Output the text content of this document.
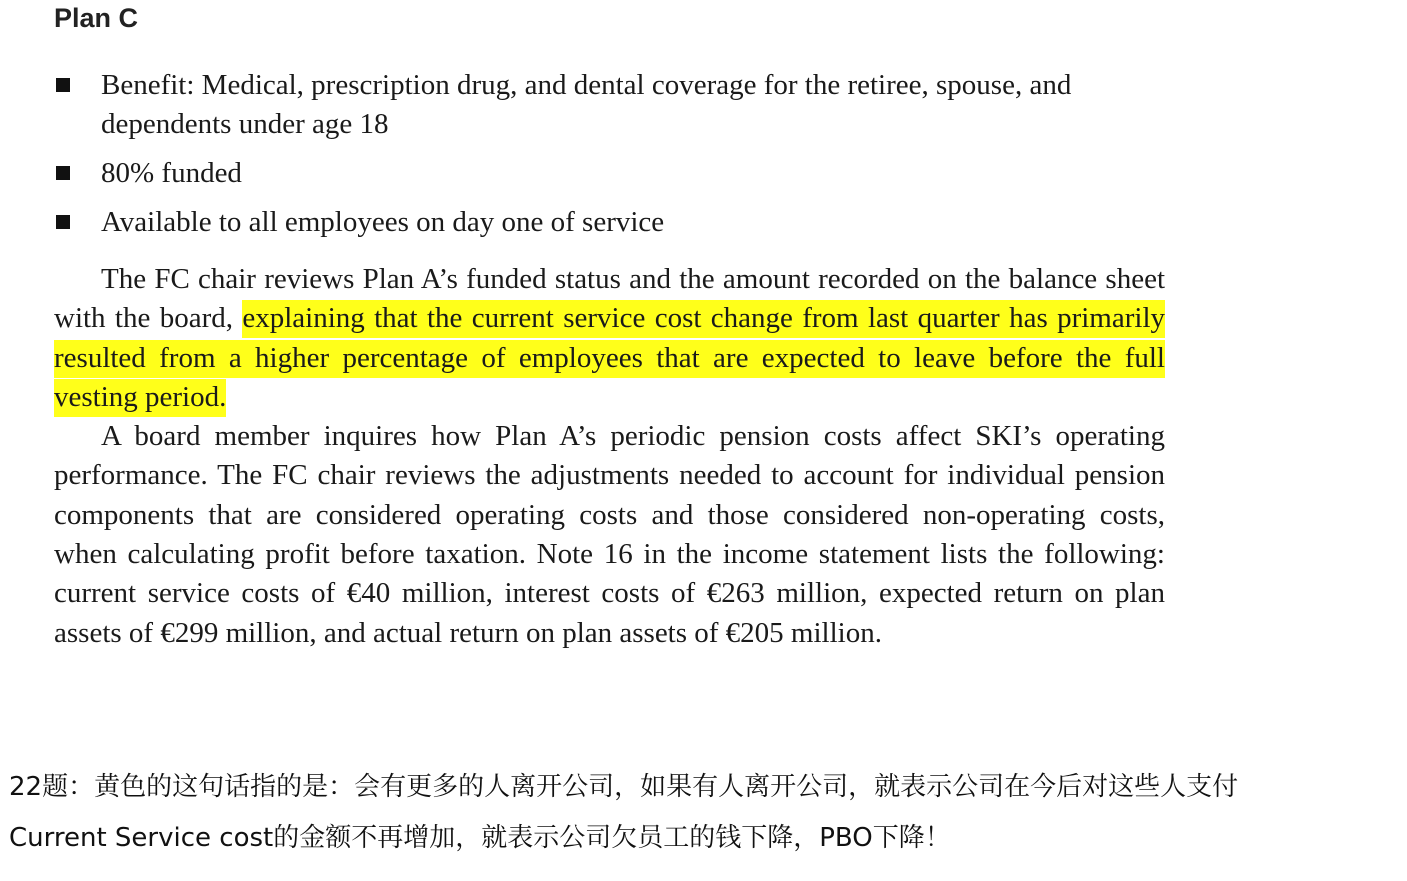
Plan C
Benefit: Medical, prescription drug, and dental coverage for the retiree, spouse, and dependents under age 18
80% funded
Available to all employees on day one of service

The FC chair reviews Plan A’s funded status and the amount recorded on the balance sheet with the board, explaining that the current service cost change from last quarter has primarily resulted from a higher percentage of employees that are expected to leave before the full vesting period.

A board member inquires how Plan A’s periodic pension costs affect SKI’s operating performance. The FC chair reviews the adjustments needed to account for individual pension components that are considered operating costs and those considered non-operating costs, when calculating profit before taxation. Note 16 in the income statement lists the following: current service costs of €40 million, interest costs of €263 million, expected return on plan assets of €299 million, and actual return on plan assets of €205 million.

22题：黄色的这句话指的是：会有更多的人离开公司，如果有人离开公司，就表示公司在今后对这些人支付

Current Service cost的金额不再增加，就表示公司欠员工的钱下降，PBO下降！
